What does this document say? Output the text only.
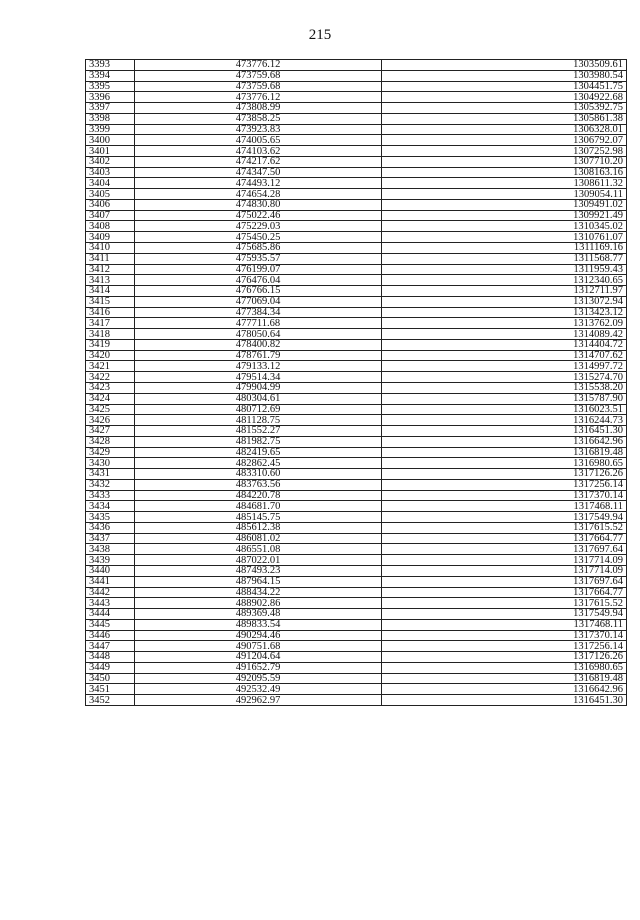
215
3393	473776.12	1303509.61
3394	473759.68	1303980.54
3395	473759.68	1304451.75
3396	473776.12	1304922.68
3397	473808.99	1305392.75
3398	473858.25	1305861.38
3399	473923.83	1306328.01
3400	474005.65	1306792.07
3401	474103.62	1307252.98
3402	474217.62	1307710.20
3403	474347.50	1308163.16
3404	474493.12	1308611.32
3405	474654.28	1309054.11
3406	474830.80	1309491.02
3407	475022.46	1309921.49
3408	475229.03	1310345.02
3409	475450.25	1310761.07
3410	475685.86	1311169.16
3411	475935.57	1311568.77
3412	476199.07	1311959.43
3413	476476.04	1312340.65
3414	476766.15	1312711.97
3415	477069.04	1313072.94
3416	477384.34	1313423.12
3417	477711.68	1313762.09
3418	478050.64	1314089.42
3419	478400.82	1314404.72
3420	478761.79	1314707.62
3421	479133.12	1314997.72
3422	479514.34	1315274.70
3423	479904.99	1315538.20
3424	480304.61	1315787.90
3425	480712.69	1316023.51
3426	481128.75	1316244.73
3427	481552.27	1316451.30
3428	481982.75	1316642.96
3429	482419.65	1316819.48
3430	482862.45	1316980.65
3431	483310.60	1317126.26
3432	483763.56	1317256.14
3433	484220.78	1317370.14
3434	484681.70	1317468.11
3435	485145.75	1317549.94
3436	485612.38	1317615.52
3437	486081.02	1317664.77
3438	486551.08	1317697.64
3439	487022.01	1317714.09
3440	487493.23	1317714.09
3441	487964.15	1317697.64
3442	488434.22	1317664.77
3443	488902.86	1317615.52
3444	489369.48	1317549.94
3445	489833.54	1317468.11
3446	490294.46	1317370.14
3447	490751.68	1317256.14
3448	491204.64	1317126.26
3449	491652.79	1316980.65
3450	492095.59	1316819.48
3451	492532.49	1316642.96
3452	492962.97	1316451.30
